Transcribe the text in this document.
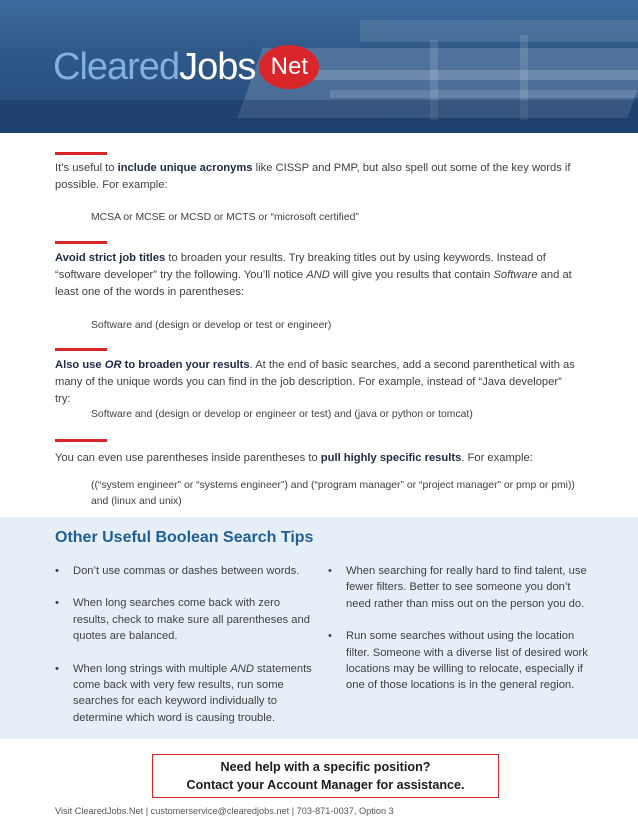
Cleared Jobs Net
It’s useful to include unique acronyms like CISSP and PMP, but also spell out some of the key words if
possible. For example:
MCSA or MCSE or MCSD or MCTS or “microsoft certified”
Avoid strict job titles to broaden your results. Try breaking titles out by using keywords. Instead of
“software developer” try the following. You’ll notice AND will give you results that contain Software and at
least one of the words in parentheses:
Software and (design or develop or test or engineer)
Also use OR to broaden your results. At the end of basic searches, add a second parenthetical with as
many of the unique words you can find in the job description. For example, instead of “Java developer” try:
Software and (design or develop or engineer or test) and (java or python or tomcat)
You can even use parentheses inside parentheses to pull highly specific results. For example:
((“system engineer” or “systems engineer”) and (“program manager” or “project manager” or pmp or pmi))
and (linux and unix)
Other Useful Boolean Search Tips
• Don’t use commas or dashes between words.
• When long searches come back with zero results, check to make sure all parentheses and quotes are balanced.
• When long strings with multiple AND statements come back with very few results, run some searches for each keyword individually to determine which word is causing trouble.
• When searching for really hard to find talent, use fewer filters. Better to see someone you don’t need rather than miss out on the person you do.
• Run some searches without using the location filter. Someone with a diverse list of desired work locations may be willing to relocate, especially if one of those locations is in the general region.
Need help with a specific position?
Contact your Account Manager for assistance.
Visit ClearedJobs.Net | customerservice@clearedjobs.net | 703-871-0037, Option 3
